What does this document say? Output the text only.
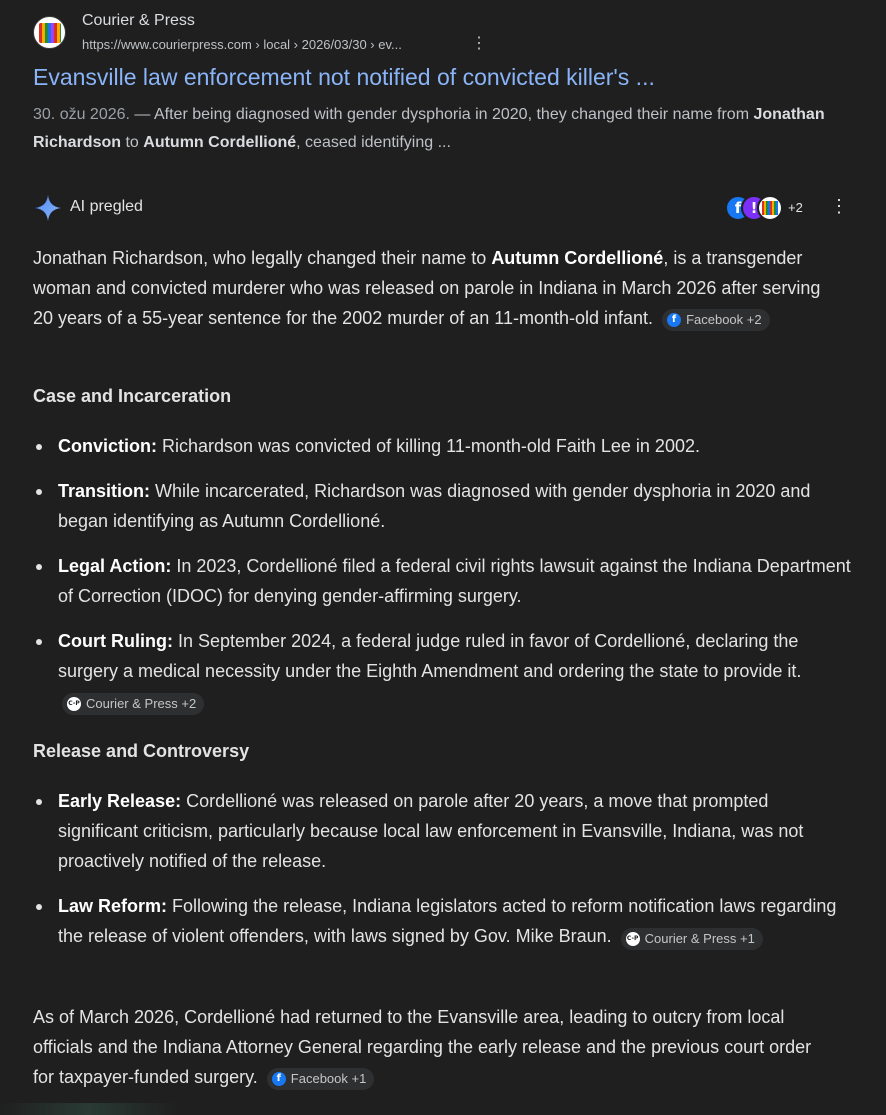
Courier & Press
https://www.courierpress.com › local › 2026/03/30 › ev...	⋮
Evansville law enforcement not notified of convicted killer's ...
30. ožu 2026. — After being diagnosed with gender dysphoria in 2020, they changed their name from Jonathan Richardson to Autumn Cordellioné, ceased identifying ...
AI pregled	f !	+2 ⋮
Jonathan Richardson, who legally changed their name to Autumn Cordellioné, is a transgender woman and convicted murderer who was released on parole in Indiana in March 2026 after serving 20 years of a 55-year sentence for the 2002 murder of an 11-month-old infant.	f Facebook +2
Case and Incarceration
Conviction: Richardson was convicted of killing 11-month-old Faith Lee in 2002.
Transition: While incarcerated, Richardson was diagnosed with gender dysphoria in 2020 and began identifying as Autumn Cordellioné.
Legal Action: In 2023, Cordellioné filed a federal civil rights lawsuit against the Indiana Department of Correction (IDOC) for denying gender-affirming surgery.
Court Ruling: In September 2024, a federal judge ruled in favor of Cordellioné, declaring the surgery a medical necessity under the Eighth Amendment and ordering the state to provide it.
C-P Courier & Press +2
Release and Controversy
Early Release: Cordellioné was released on parole after 20 years, a move that prompted significant criticism, particularly because local law enforcement in Evansville, Indiana, was not proactively notified of the release.
Law Reform: Following the release, Indiana legislators acted to reform notification laws regarding the release of violent offenders, with laws signed by Gov. Mike Braun.	C-P Courier & Press +1
As of March 2026, Cordellioné had returned to the Evansville area, leading to outcry from local officials and the Indiana Attorney General regarding the early release and the previous court order for taxpayer-funded surgery.	f Facebook +1
